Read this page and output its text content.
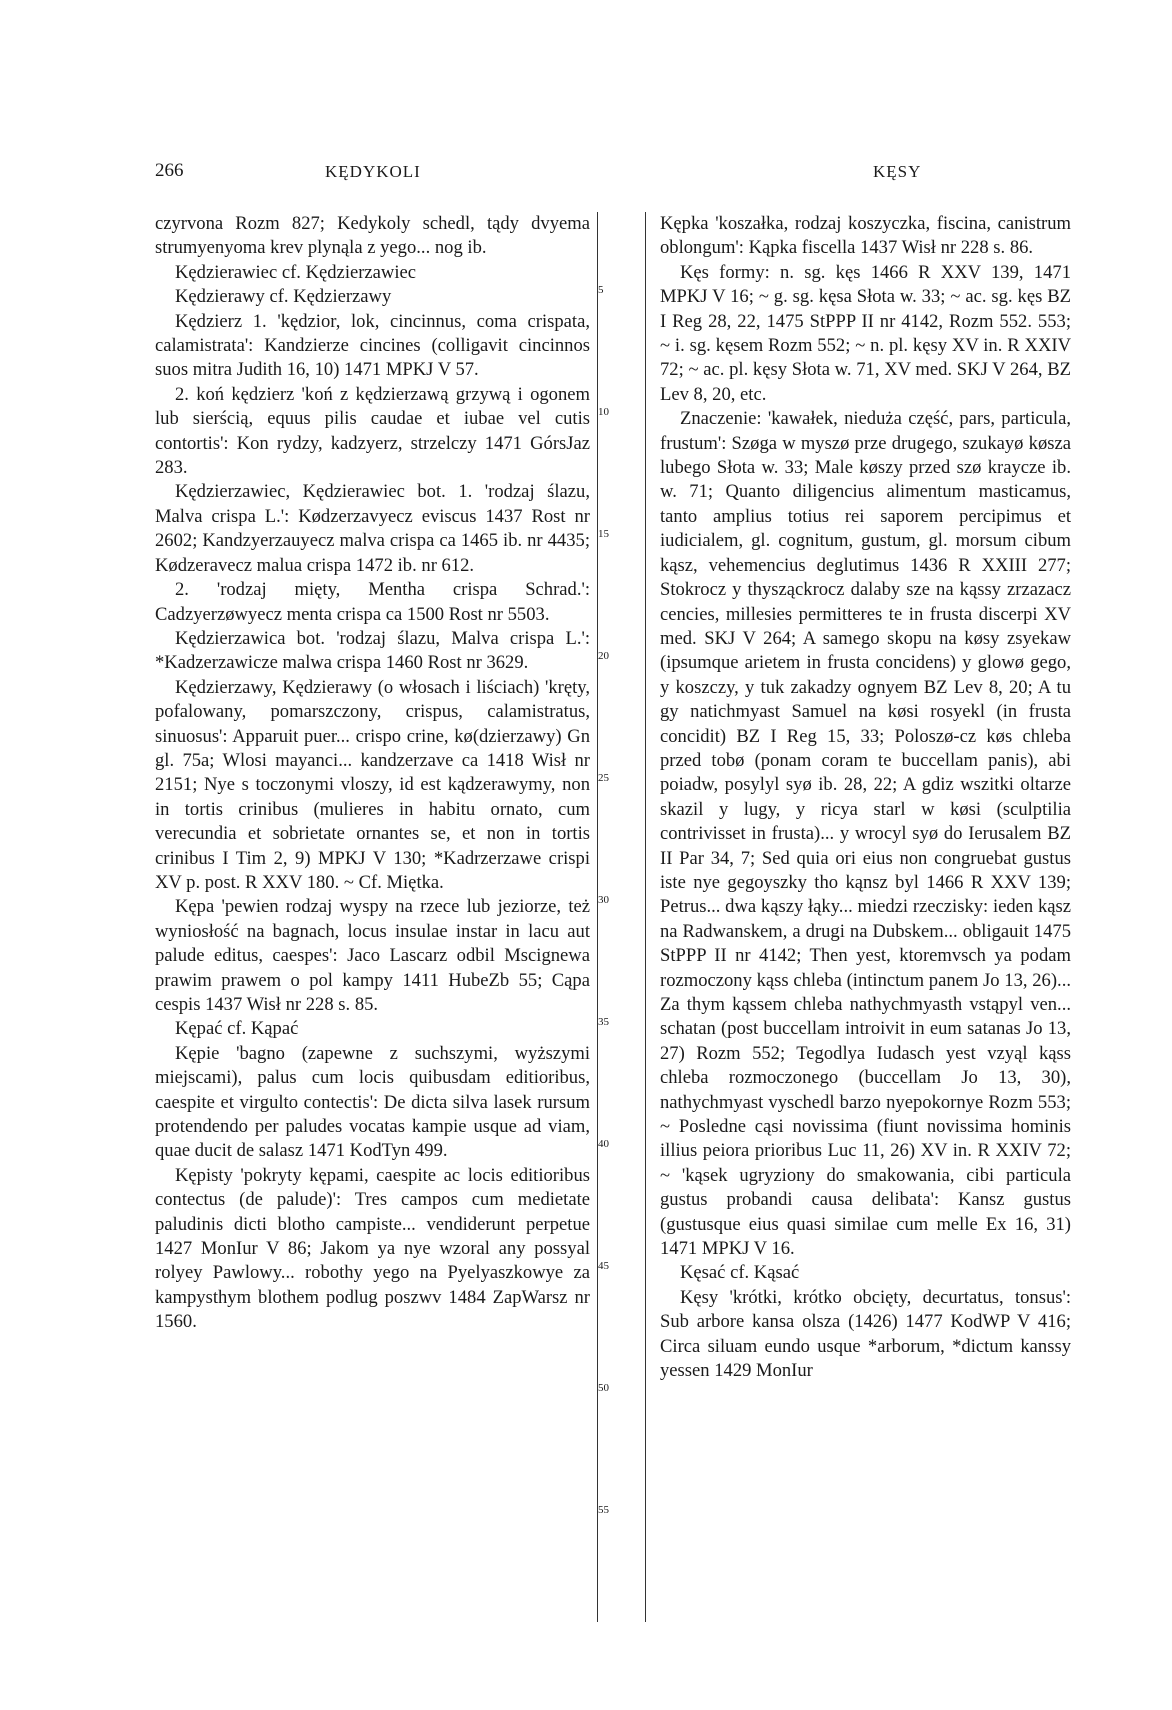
266	KĘDYKOLI	KĘSY

czyrvona Rozm 827; Kedykoly schedl, tądy dvyema strumyenyoma krev plynąla z yego... nog ib.

Kędzierawiec cf. Kędzierzawiec

Kędzierawy cf. Kędzierzawy

Kędzierz 1. 'kędzior, lok, cincinnus, coma crispata, calamistrata': Kandzierze cincines (colligavit cincinnos suos mitra Judith 16, 10) 1471 MPKJ V 57.

2. koń kędzierz 'koń z kędzierzawą grzywą i ogonem lub sierścią, equus pilis caudae et iubae vel cutis contortis': Kon rydzy, kadzyerz, strzelczy 1471 GórsJaz 283.

Kędzierzawiec, Kędzierawiec bot. 1. 'rodzaj ślazu, Malva crispa L.': Kødzerzavyecz eviscus 1437 Rost nr 2602; Kandzyerzauyecz malva crispa ca 1465 ib. nr 4435; Kødzeravecz malua crispa 1472 ib. nr 612.

2. 'rodzaj mięty, Mentha crispa Schrad.': Cadzyerzøwyecz menta crispa ca 1500 Rost nr 5503.

Kędzierzawica bot. 'rodzaj ślazu, Malva crispa L.': *Kadzerzawicze malwa crispa 1460 Rost nr 3629.

Kędzierzawy, Kędzierawy (o włosach i liściach) 'kręty, pofalowany, pomarszczony, crispus, calamistratus, sinuosus': Apparuit puer... crispo crine, kø(dzierzawy) Gn gl. 75a; Wlosi mayanci... kandzerzave ca 1418 Wisł nr 2151; Nye s toczonymi vloszy, id est kądzerawymy, non in tortis crinibus (mulieres in habitu ornato, cum verecundia et sobrietate ornantes se, et non in tortis crinibus I Tim 2, 9) MPKJ V 130; *Kadrzerzawe crispi XV p. post. R XXV 180. ~ Cf. Miętka.

Kępa 'pewien rodzaj wyspy na rzece lub jeziorze, też wyniosłość na bagnach, locus insulae instar in lacu aut palude editus, caespes': Jaco Lascarz odbil Mscignewa prawim prawem o pol kampy 1411 HubeZb 55; Cąpa cespis 1437 Wisł nr 228 s. 85.

Kępać cf. Kąpać

Kępie 'bagno (zapewne z suchszymi, wyższymi miejscami), palus cum locis quibusdam editioribus, caespite et virgulto contectis': De dicta silva lasek rursum protendendo per paludes vocatas kampie usque ad viam, quae ducit de salasz 1471 KodTyn 499.

Kępisty 'pokryty kępami, caespite ac locis editioribus contectus (de palude)': Tres campos cum medietate paludinis dicti blotho campiste... vendiderunt perpetue 1427 MonIur V 86; Jakom ya nye wzoral any possyal rolyey Pawlowy... robothy yego na Pyelyaszkowye za kampysthym blothem podlug poszwv 1484 ZapWarsz nr 1560.

5
10
15
20
25
30
35
40
45
50
55

Kępka 'koszałka, rodzaj koszyczka, fiscina, canistrum oblongum': Kąpka fiscella 1437 Wisł nr 228 s. 86.

Kęs formy: n. sg. kęs 1466 R XXV 139, 1471 MPKJ V 16; ~ g. sg. kęsa Słota w. 33; ~ ac. sg. kęs BZ I Reg 28, 22, 1475 StPPP II nr 4142, Rozm 552. 553; ~ i. sg. kęsem Rozm 552; ~ n. pl. kęsy XV in. R XXIV 72; ~ ac. pl. kęsy Słota w. 71, XV med. SKJ V 264, BZ Lev 8, 20, etc.

Znaczenie: 'kawałek, nieduża część, pars, particula, frustum': Szøga w myszø prze drugego, szukayø køsza lubego Słota w. 33; Male køszy przed szø kraycze ib. w. 71; Quanto diligencius alimentum masticamus, tanto amplius totius rei saporem percipimus et iudicialem, gl. cognitum, gustum, gl. morsum cibum kąsz, vehemencius deglutimus 1436 R XXIII 277; Stokrocz y thysząckrocz dalaby sze na kąssy zrzazacz cencies, millesies permitteres te in frusta discerpi XV med. SKJ V 264; A samego skopu na køsy zsyekaw (ipsumque arietem in frusta concidens) y glowø gego, y koszczy, y tuk zakadzy ognyem BZ Lev 8, 20; A tu gy natichmyast Samuel na køsi rosyekl (in frusta concidit) BZ I Reg 15, 33; Poloszø-cz køs chleba przed tobø (ponam coram te buccellam panis), abi poiadw, posylyl syø ib. 28, 22; A gdiz wszitki oltarze skazil y lugy, y ricya starl w køsi (sculptilia contrivisset in frusta)... y wrocyl syø do Ierusalem BZ II Par 34, 7; Sed quia ori eius non congruebat gustus iste nye gegoyszky tho kąnsz byl 1466 R XXV 139; Petrus... dwa kąszy łąky... miedzi rzeczisky: ieden kąsz na Radwanskem, a drugi na Dubskem... obligauit 1475 StPPP II nr 4142; Then yest, ktoremvsch ya podam rozmoczony kąss chleba (intinctum panem Jo 13, 26)... Za thym kąssem chleba nathychmyasth vstąpyl ven... schatan (post buccellam introivit in eum satanas Jo 13, 27) Rozm 552; Tegodlya Iudasch yest vzyąl kąss chleba rozmoczonego (buccellam Jo 13, 30), nathychmyast vyschedl barzo nyepokornye Rozm 553; ~ Posledne cąsi novissima (fiunt novissima hominis illius peiora prioribus Luc 11, 26) XV in. R XXIV 72; ~ 'kąsek ugryziony do smakowania, cibi particula gustus probandi causa delibata': Kansz gustus (gustusque eius quasi similae cum melle Ex 16, 31) 1471 MPKJ V 16.

Kęsać cf. Kąsać

Kęsy 'krótki, krótko obcięty, decurtatus, tonsus': Sub arbore kansa olsza (1426) 1477 KodWP V 416; Circa siluam eundo usque *arborum, *dictum kanssy yessen 1429 MonIur
